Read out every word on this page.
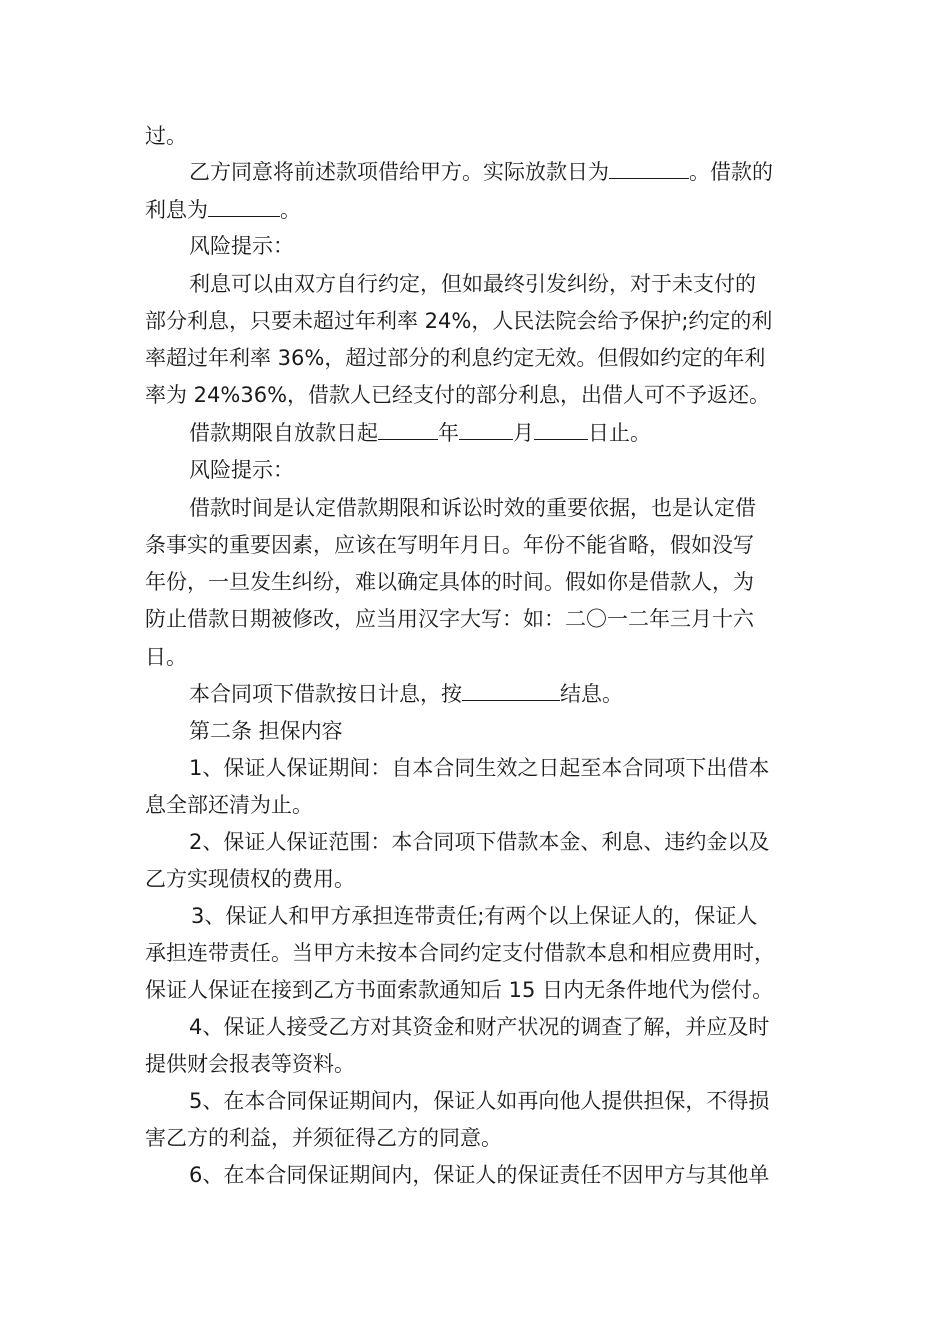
过。
乙方同意将前述款项借给甲方。实际放款日为	。借款的
利息为	。
风险提示：
利息可以由双方自行约定，但如最终引发纠纷，对于未支付的
部分利息，只要未超过年利率 24%，人民法院会给予保护;约定的利
率超过年利率 36%，超过部分的利息约定无效。但假如约定的年利
率为 24%36%，借款人已经支付的部分利息，出借人可不予返还。
借款期限自放款日起	年	月	日止。
风险提示：
借款时间是认定借款期限和诉讼时效的重要依据，也是认定借
条事实的重要因素，应该在写明年月日。年份不能省略，假如没写
年份，一旦发生纠纷，难以确定具体的时间。假如你是借款人，为
防止借款日期被修改，应当用汉字大写：如：二〇一二年三月十六
日。
本合同项下借款按日计息，按	结息。
第二条 担保内容
1、保证人保证期间：自本合同生效之日起至本合同项下出借本
息全部还清为止。
2、保证人保证范围：本合同项下借款本金、利息、违约金以及
乙方实现债权的费用。
3、保证人和甲方承担连带责任;有两个以上保证人的，保证人
承担连带责任。当甲方未按本合同约定支付借款本息和相应费用时，
保证人保证在接到乙方书面索款通知后 15 日内无条件地代为偿付。
4、保证人接受乙方对其资金和财产状况的调查了解，并应及时
提供财会报表等资料。
5、在本合同保证期间内，保证人如再向他人提供担保，不得损
害乙方的利益，并须征得乙方的同意。
6、在本合同保证期间内，保证人的保证责任不因甲方与其他单
